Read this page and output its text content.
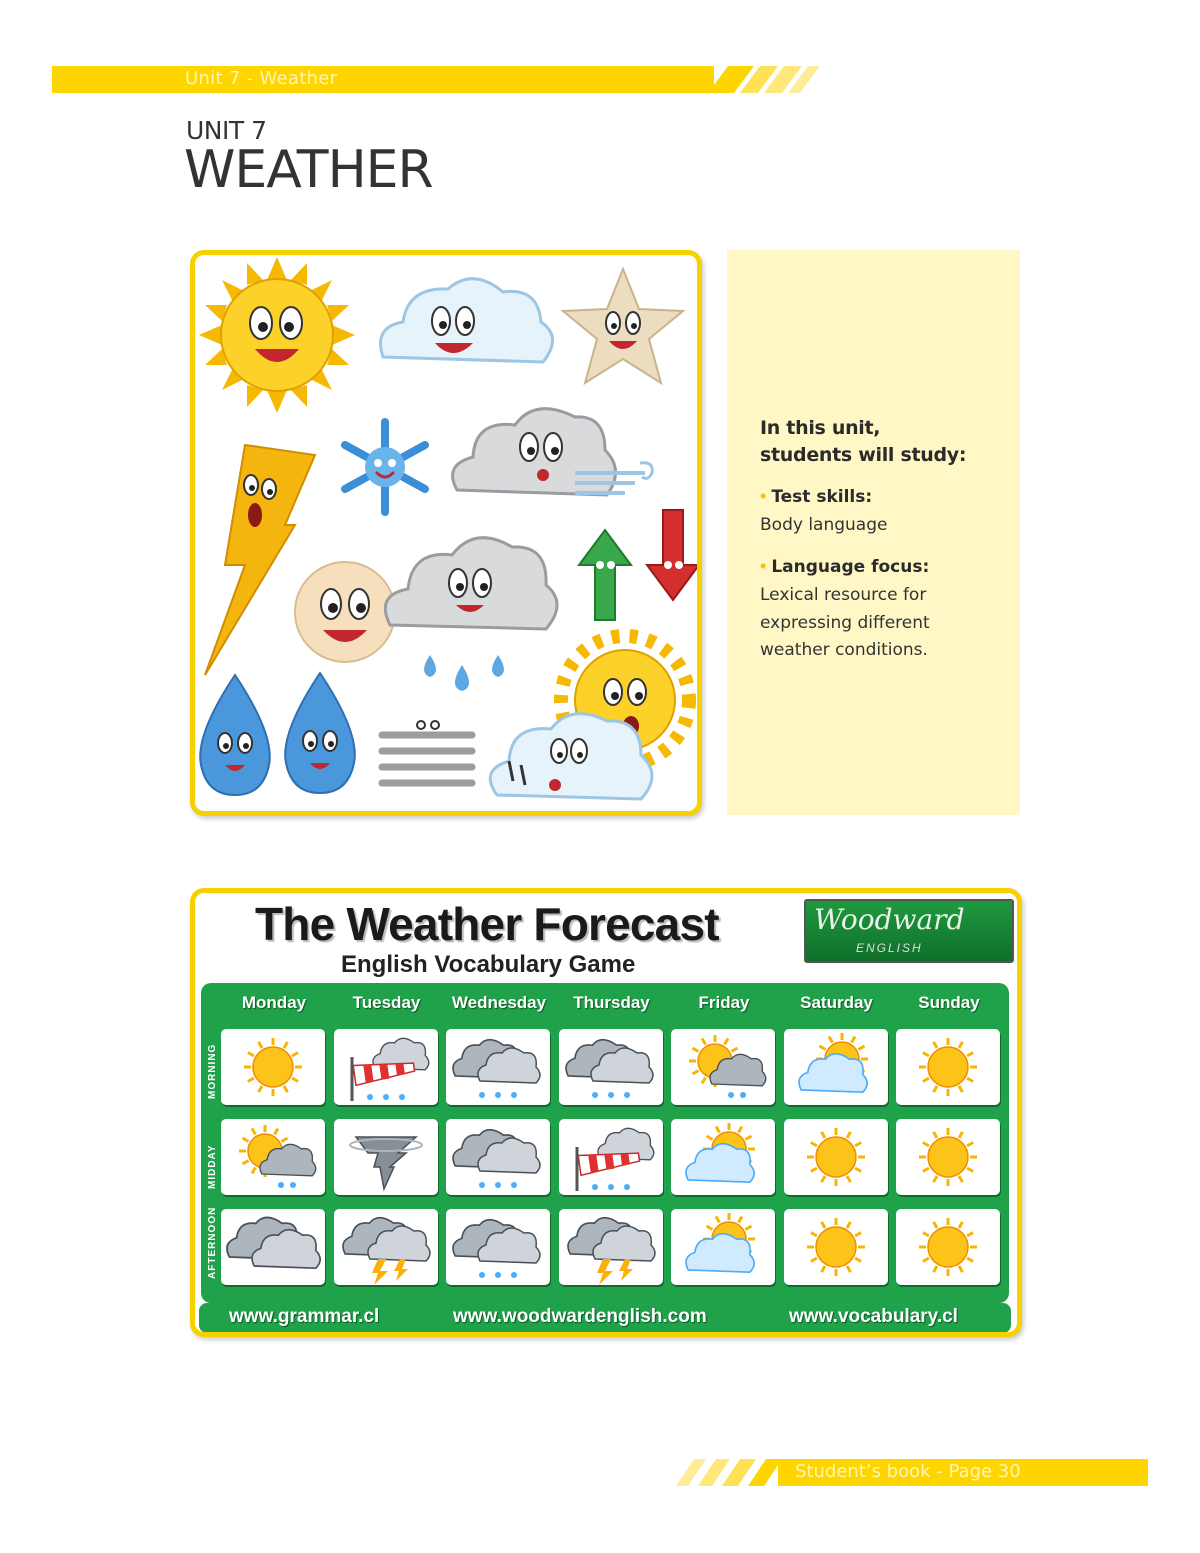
Unit 7 - Weather
UNIT 7
WEATHER
In this unit,
students will study:
• Test skills:
Body language
• Language focus:
Lexical resource for
expressing different
weather conditions.
The Weather Forecast
English Vocabulary Game
Woodward
ENGLISH
Monday	Tuesday	Wednesday	Thursday	Friday	Saturday	Sunday
MORNING
MIDDAY
AFTERNOON
www.grammar.cl	www.woodwardenglish.com	www.vocabulary.cl
Student’s book - Page 30
